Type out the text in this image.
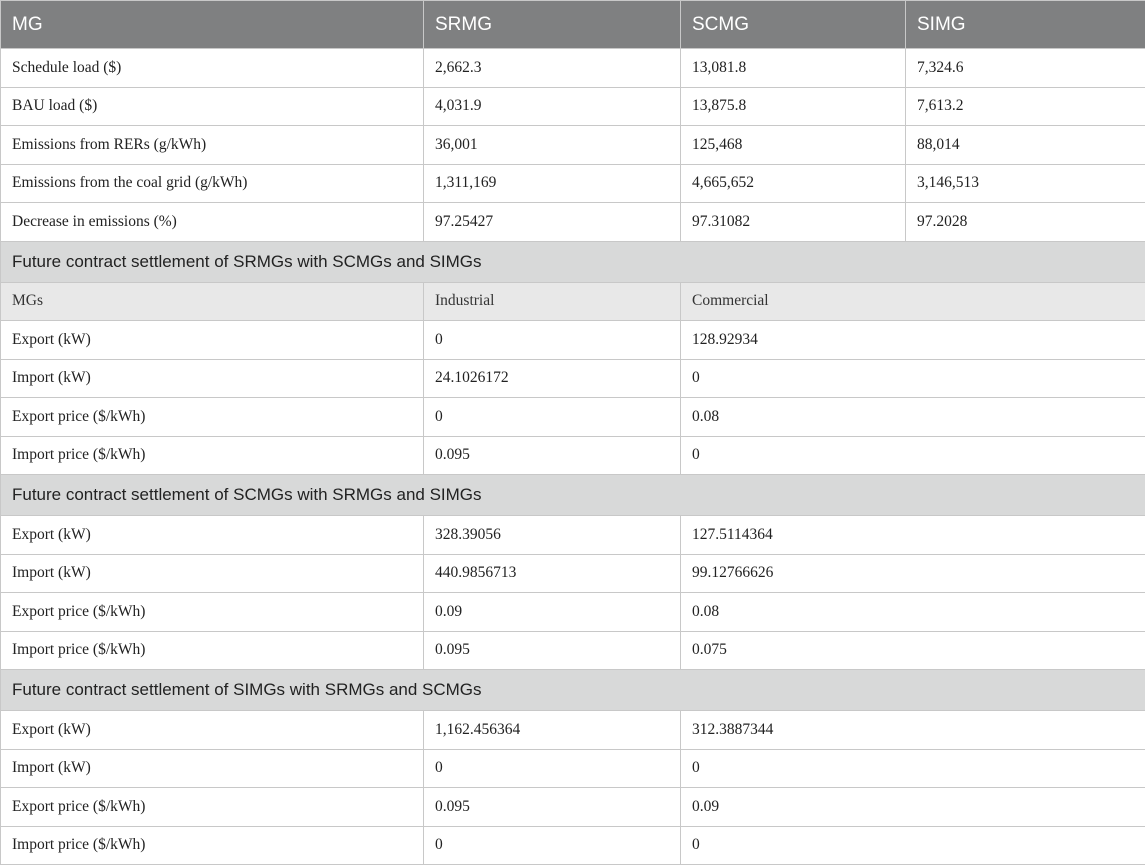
MG	SRMG	SCMG	SIMG
Schedule load ($)	2,662.3	13,081.8	7,324.6
BAU load ($)	4,031.9	13,875.8	7,613.2
Emissions from RERs (g/kWh)	36,001	125,468	88,014
Emissions from the coal grid (g/kWh)	1,311,169	4,665,652	3,146,513
Decrease in emissions (%)	97.25427	97.31082	97.2028
Future contract settlement of SRMGs with SCMGs and SIMGs			
MGs	Industrial	Commercial	
Export (kW)	0	128.92934	
Import (kW)	24.1026172	0	
Export price ($/kWh)	0	0.08	
Import price ($/kWh)	0.095	0	
Future contract settlement of SCMGs with SRMGs and SIMGs			
Export (kW)	328.39056	127.5114364	
Import (kW)	440.9856713	99.12766626	
Export price ($/kWh)	0.09	0.08	
Import price ($/kWh)	0.095	0.075	
Future contract settlement of SIMGs with SRMGs and SCMGs			
Export (kW)	1,162.456364	312.3887344	
Import (kW)	0	0	
Export price ($/kWh)	0.095	0.09	
Import price ($/kWh)	0	0	
